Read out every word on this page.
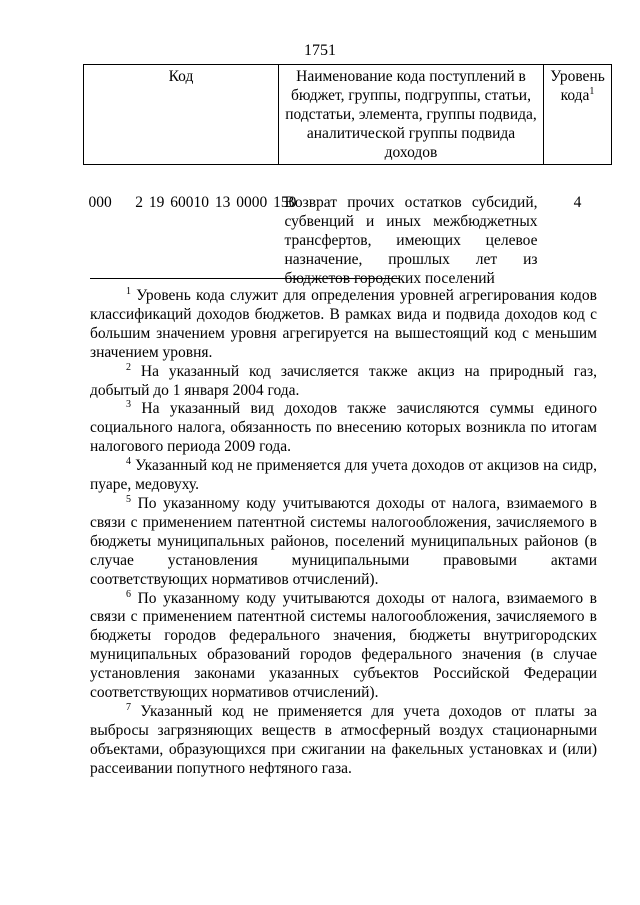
1751
Код	Наименование кода поступлений в бюджет, группы, подгруппы, статьи, подстатьи, элемента, группы подвида, аналитической группы подвида доходов	Уровень кода$^1$
000 2 19 60010 13 0000 150	Возврат прочих остатков субсидий, субвенций и иных межбюджетных трансфертов, имеющих целевое назначение, прошлых лет из бюджетов городских поселений	4

$^1$ Уровень кода служит для определения уровней агрегирования кодов классификаций доходов бюджетов. В рамках вида и подвида доходов код с большим значением уровня агрегируется на вышестоящий код с меньшим значением уровня.

$^2$ На указанный код зачисляется также акциз на природный газ, добытый до 1 января 2004 года.

$^3$ На указанный вид доходов также зачисляются суммы единого социального налога, обязанность по внесению которых возникла по итогам налогового периода 2009 года.

$^4$ Указанный код не применяется для учета доходов от акцизов на сидр, пуаре, медовуху.

$^5$ По указанному коду учитываются доходы от налога, взимаемого в связи с применением патентной системы налогообложения, зачисляемого в бюджеты муниципальных районов, поселений муниципальных районов (в случае установления муниципальными правовыми актами соответствующих нормативов отчислений).

$^6$ По указанному коду учитываются доходы от налога, взимаемого в связи с применением патентной системы налогообложения, зачисляемого в бюджеты городов федерального значения, бюджеты внутригородских муниципальных образований городов федерального значения (в случае установления законами указанных субъектов Российской Федерации соответствующих нормативов отчислений).

$^7$ Указанный код не применяется для учета доходов от платы за выбросы загрязняющих веществ в атмосферный воздух стационарными объектами, образующихся при сжигании на факельных установках и (или) рассеивании попутного нефтяного газа.
